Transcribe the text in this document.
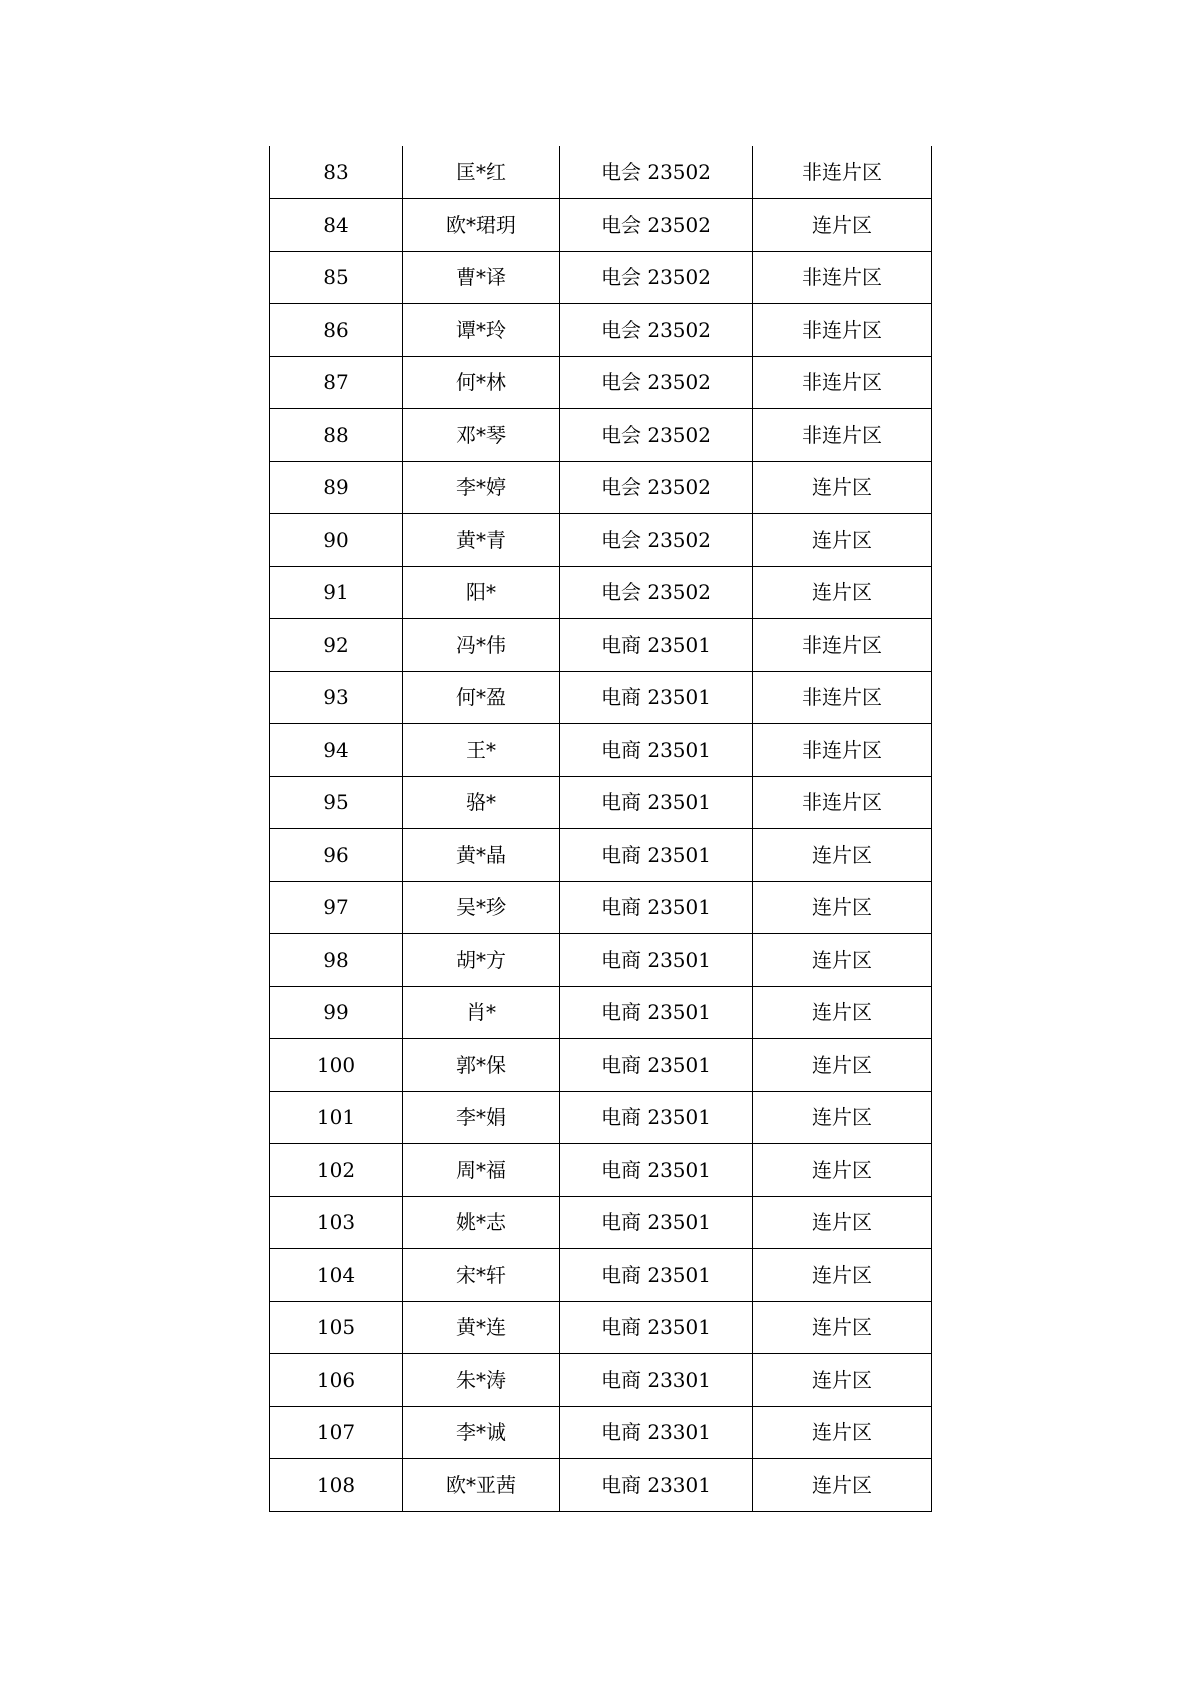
83	匡*红	电会 23502	非连片区
84	欧*珺玥	电会 23502	连片区
85	曹*译	电会 23502	非连片区
86	谭*玲	电会 23502	非连片区
87	何*林	电会 23502	非连片区
88	邓*琴	电会 23502	非连片区
89	李*婷	电会 23502	连片区
90	黄*青	电会 23502	连片区
91	阳*	电会 23502	连片区
92	冯*伟	电商 23501	非连片区
93	何*盈	电商 23501	非连片区
94	王*	电商 23501	非连片区
95	骆*	电商 23501	非连片区
96	黄*晶	电商 23501	连片区
97	吴*珍	电商 23501	连片区
98	胡*方	电商 23501	连片区
99	肖*	电商 23501	连片区
100	郭*保	电商 23501	连片区
101	李*娟	电商 23501	连片区
102	周*福	电商 23501	连片区
103	姚*志	电商 23501	连片区
104	宋*轩	电商 23501	连片区
105	黄*连	电商 23501	连片区
106	朱*涛	电商 23301	连片区
107	李*诚	电商 23301	连片区
108	欧*亚茜	电商 23301	连片区
